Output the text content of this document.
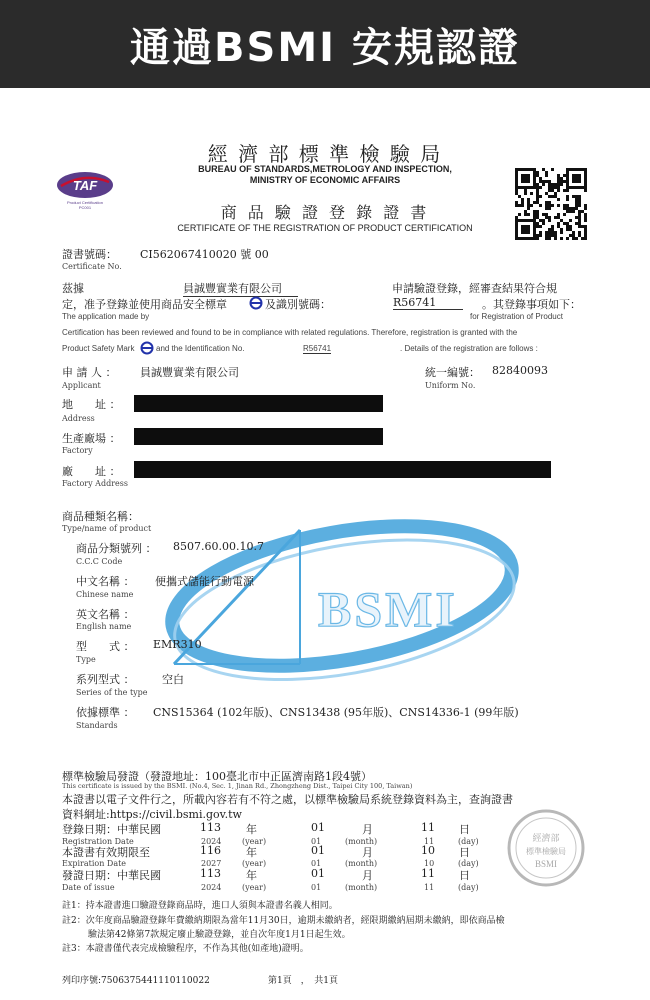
通過BSMI 安規認證
BSMI
經 濟 部 標 準 檢 驗 局
BUREAU OF STANDARDS,METROLOGY AND INSPECTION,
MINISTRY OF ECONOMIC AFFAIRS
TAF
Product Certification
PC001	商 品 驗 證 登 錄 證 書
CERTIFICATE OF THE REGISTRATION OF PRODUCT CERTIFICATION
證書號碼： CI562067410020 號 00
Certificate No.
茲據	員誠豐實業有限公司	申請驗證登錄，經審查結果符合規
定，准予登錄並使用商品安全標章	及識別號碼：	R56741	。其登錄事項如下：
The application made by	for Registration of Product
Certification has been reviewed and found to be in compliance with related regulations. Therefore, registration is granted with the
Product Safety Mark	and the Identification No.	R56741	. Details of the registration are follows :
申 請 人 ： 員誠豐實業有限公司
Applicant
統一編號： 82840093
Uniform No.
地　　址 ：
Address
生產廠場 ：
Factory
廠　　址 ：
Factory Address
商品種類名稱：
Type/name of product
商品分類號列 ： 8507.60.00.10.7
C.C.C Code
中文名稱 ： 便攜式儲能行動電源
Chinese name
英文名稱 ：
English name
型　　式 ： EMR310
Type
系列型式 ：	空白
Series of the type
依據標準 ： CNS15364 (102年版)、CNS13438 (95年版)、CNS14336-1 (99年版)
Standards
標準檢驗局發證（發證地址：100臺北市中正區濟南路1段4號）
This certificate is issued by the BSMI. (No.4, Sec. 1, Jinan Rd., Zhongzheng Dist., Taipei City 100, Taiwan)
本證書以電子文件行之，所載內容若有不符之處，以標準檢驗局系統登錄資料為主，查詢證書
資料網址:https://civil.bsmi.gov.tw
登錄日期：中華民國	113 年	01	月	11 日
Registration Date	2024	(year)	01	(month)	11	(day)
本證書有效期限至	116 年	01	月	10 日
Expiration Date	2027	(year)	01	(month)	10	(day)
發證日期：中華民國	113 年	01	月	11 日
Date of issue	2024	(year)	01	(month)	11	(day)
經濟部
標準檢驗局
BSMI
註1：持本證書進口驗證登錄商品時，進口人須與本證書名義人相同。
註2：次年度商品驗證登錄年費繳納期限為當年11月30日，逾期未繳納者，經限期繳納屆期未繳納，即依商品檢
驗法第42條第7款規定廢止驗證登錄，並自次年度1月1日起生效。
註3：本證書僅代表完成檢驗程序，不作為其他(如產地)證明。
列印序號:7506375441110110022	第1頁　，　共1頁
